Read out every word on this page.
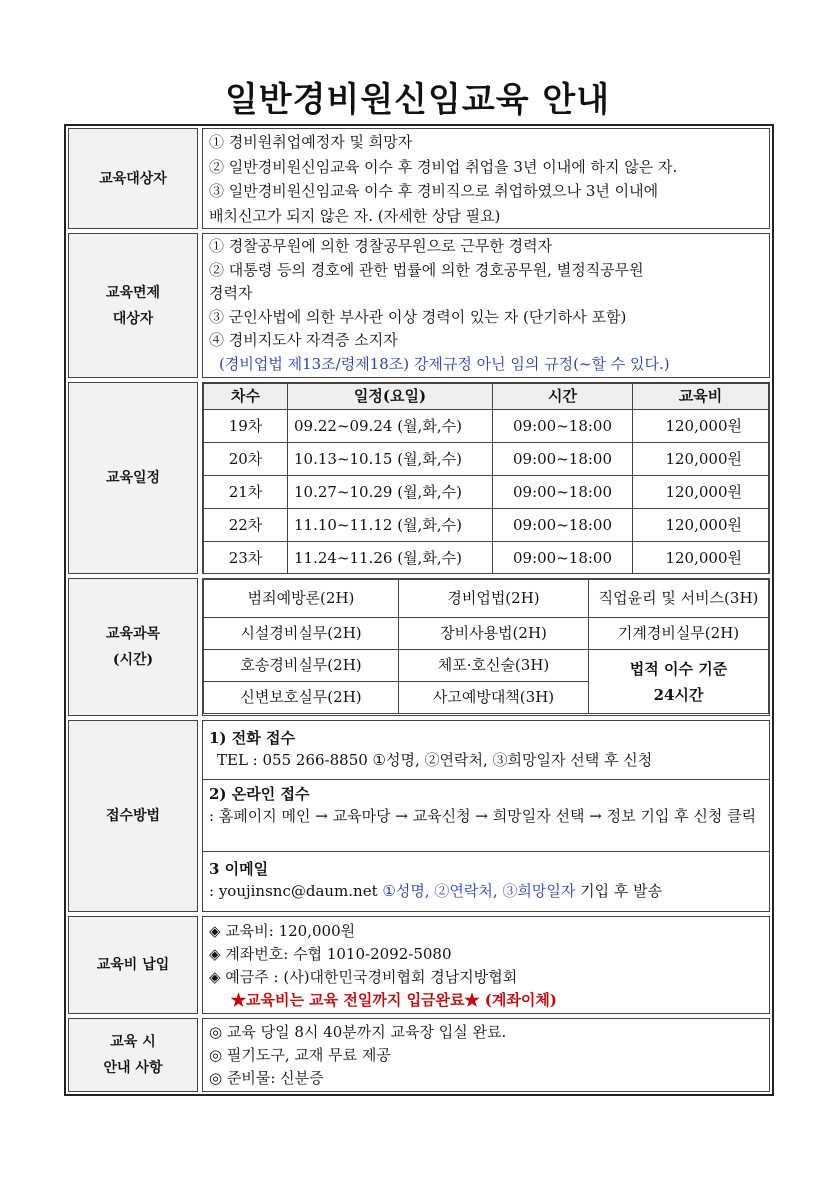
일반경비원신임교육 안내
교육대상자
① 경비원취업예정자 및 희망자
② 일반경비원신임교육 이수 후 경비업 취업을 3년 이내에 하지 않은 자.
③ 일반경비원신임교육 이수 후 경비직으로 취업하였으나 3년 이내에
배치신고가 되지 않은 자. (자세한 상담 필요)
교육면제
대상자
① 경찰공무원에 의한 경찰공무원으로 근무한 경력자
② 대통령 등의 경호에 관한 법률에 의한 경호공무원, 별정직공무원
경력자
③ 군인사법에 의한 부사관 이상 경력이 있는 자 (단기하사 포함)
④ 경비지도사 자격증 소지자
(경비업법 제13조/령제18조) 강제규정 아닌 임의 규정(~할 수 있다.)
교육일정
차수	일정(요일)	시간	교육비
19차	09.22~09.24 (월,화,수)	09:00~18:00	120,000원
20차	10.13~10.15 (월,화,수)	09:00~18:00	120,000원
21차	10.27~10.29 (월,화,수)	09:00~18:00	120,000원
22차	11.10~11.12 (월,화,수)	09:00~18:00	120,000원
23차	11.24~11.26 (월,화,수)	09:00~18:00	120,000원
교육과목
(시간)
범죄예방론(2H)	경비업법(2H)	직업윤리 및 서비스(3H)
시설경비실무(2H)	장비사용법(2H)	기계경비실무(2H)
호송경비실무(2H)	체포·호신술(3H)	법적 이수 기준
24시간

신변보호실무(2H)	사고예방대책(3H)	
접수방법
1) 전화 접수
TEL : 055 266-8850 ①성명, ②연락처, ③희망일자 선택 후 신청
2) 온라인 접수
: 홈페이지 메인 → 교육마당 → 교육신청 → 희망일자 선택 → 정보 기입 후 신청 클릭
3 이메일
: youjinsnc@daum.net ①성명, ②연락처, ③희망일자 기입 후 발송
교육비 납입
◈ 교육비: 120,000원
◈ 계좌번호: 수협 1010-2092-5080
◈ 예금주 : (사)대한민국경비협회 경남지방협회
★교육비는 교육 전일까지 입금완료★ (계좌이체)
교육 시
안내 사항
◎ 교육 당일 8시 40분까지 교육장 입실 완료.
◎ 필기도구, 교재 무료 제공
◎ 준비물: 신분증
